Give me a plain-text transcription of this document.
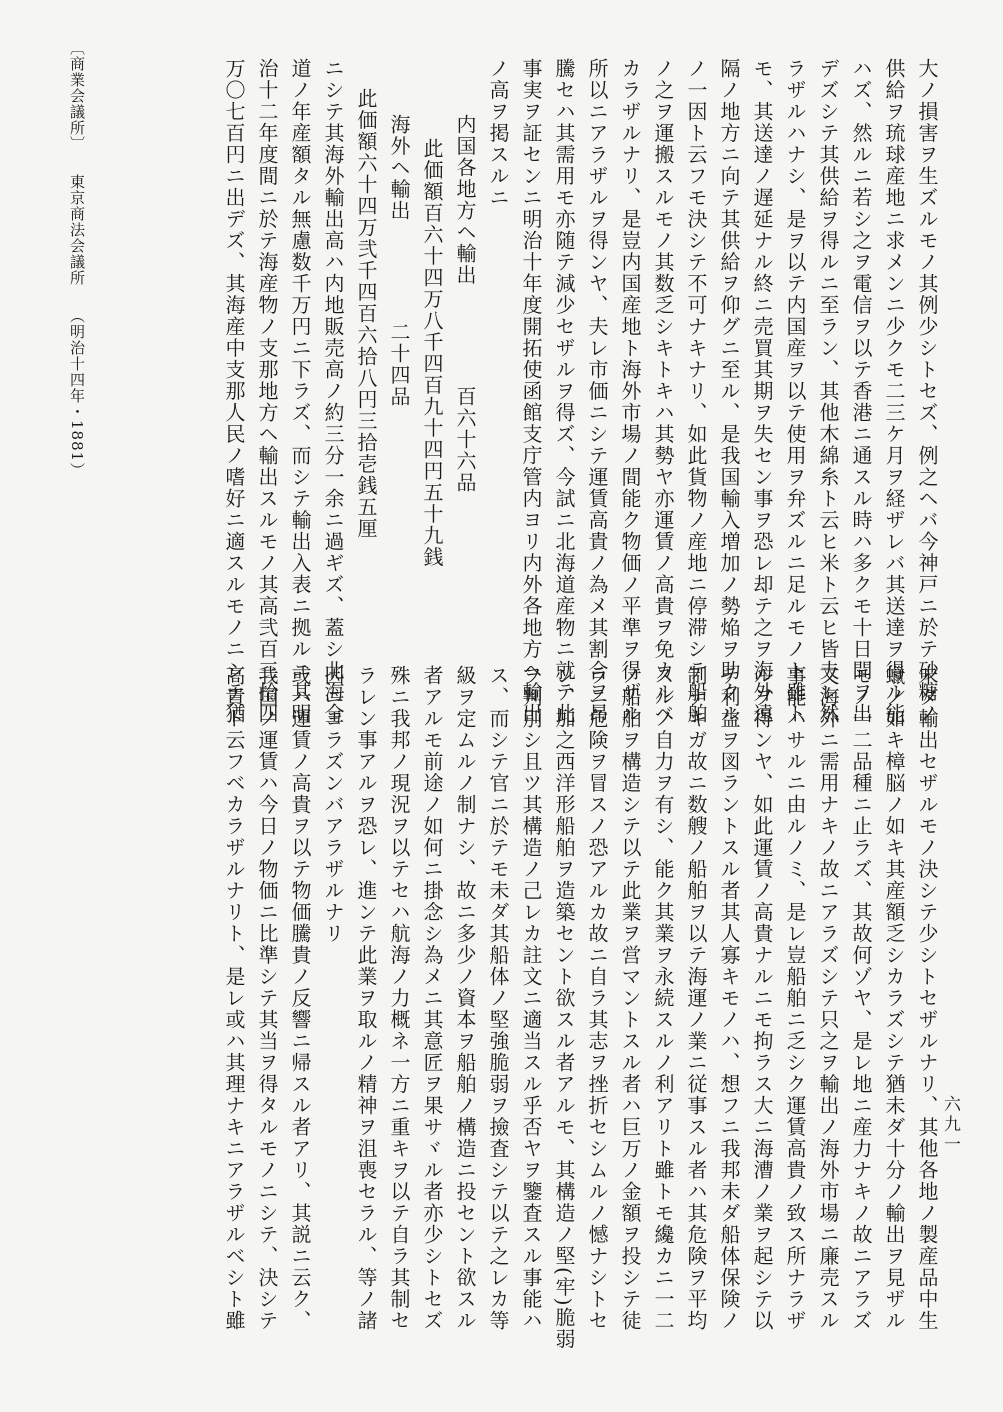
〔商業会議所〕東京商法会議所（明治十四年・1881）
六九一
大ノ損害ヲ生ズルモノ其例少シトセズ、例之ヘバ今神戸ニ於テ砂糖ノ
供給ヲ琉球産地ニ求メンニ少クモ二三ケ月ヲ経ザレバ其送達ヲ得ル能
ハズ、然ルニ若シ之ヲ電信ヲ以テ香港ニ通スル時ハ多クモ十日間ヲ出
デズシテ其供給ヲ得ルニ至ラン、其他木綿糸ト云ヒ米ト云ヒ皆夫レ然
ラザルハナシ、是ヲ以テ内国産ヲ以テ使用ヲ弁ズルニ足ルモノト雖ト
モ、其送達ノ遅延ナル終ニ売買其期ヲ失セン事ヲ恐レ却テ之ヲ海外遠
隔ノ地方ニ向テ其供給ヲ仰グニ至ル、是我国輸入増加ノ勢焔ヲ助クル
ノ一因ト云フモ決シテ不可ナキナリ、如此貨物ノ産地ニ停滞シテ船舶
ノ之ヲ運搬スルモノ其数乏シキトキハ其勢ヤ亦運賃ノ高貴ヲ免カルベ
カラザルナリ、是豈内国産地ト海外市場ノ間能ク物価ノ平準ヲ得ザル
所以ニアラザルヲ得ンヤ、夫レ市価ニシテ運賃高貴ノ為メ其割合ヲ昂
騰セハ其需用モ亦随テ減少セザルヲ得ズ、今試ニ北海道産物ニ就テ此
事実ヲ証センニ明治十年度開拓使函館支庁管内ヨリ内外各地方ヘ輸出
ノ高ヲ掲スルニ
内国各地方ヘ輸出百六十六品
此価額百六十四万八千四百九十四円五十九銭
海外ヘ輸出二十四品
此価額六十四万弐千四百六拾八円三拾壱銭五厘
ニシテ其海外輸出高ハ内地販売高ノ約三分一余ニ過ギズ、蓋シ北海全
道ノ年産額タル無慮数千万円ニ下ラズ、而シテ輸出入表ニ拠ルニ其明
治十二年度間ニ於テ海産物ノ支那地方ヘ輸出スルモノ其高弐百三拾四
万〇七百円ニ出デズ、其海産中支那人民ノ嗜好ニ適スルモノニシテ猶
未タ輸出セザルモノ決シテ少シトセザルナリ、其他各地ノ製産品中生
蠟ノ如キ樟脳ノ如キ其産額乏シカラズシテ猶未ダ十分ノ輸出ヲ見ザル
モノ一二品種ニ止ラズ、其故何ゾヤ、是レ地ニ産力ナキノ故ニアラズ
又海外ニ需用ナキノ故ニアラズシテ只之ヲ輸出ノ海外市場ニ廉売スル
事能ハサルニ由ルノミ、是レ豈船舶ニ乏シク運賃高貴ノ致ス所ナラザ
ルヲ得ンヤ、如此運賃ノ高貴ナルニモ拘ラス大ニ海漕ノ業ヲ起シテ以
テ利益ヲ図ラントスル者其人寡キモノハ、想フニ我邦未ダ船体保険ノ
制ナキガ故ニ数艘ノ船舶ヲ以テ海運ノ業ニ従事スル者ハ其危険ヲ平均
スルノ自力ヲ有シ、能ク其業ヲ永続スルノ利アリト雖トモ纔カニ一二
ノ船舶ヲ構造シテ以テ此業ヲ営マントスル者ハ巨万ノ金額ヲ投シテ徒
ラニ危険ヲ冒スノ恐アルカ故ニ自ラ其志ヲ挫折セシムルノ憾ナシトセ
ン、加之西洋形船舶ヲ造築セント欲スル者アルモ、其構造ノ堅(牢)脆弱
ヲ判別シ且ツ其構造ノ己レカ註文ニ適当スル乎否ヤヲ鑒査スル事能ハ
ス、而シテ官ニ於テモ未ダ其船体ノ堅強脆弱ヲ撿査シテ以テ之レカ等
級ヲ定ムルノ制ナシ、故ニ多少ノ資本ヲ船舶ノ構造ニ投セント欲スル
者アルモ前途ノ如何ニ掛念シ為メニ其意匠ヲ果サヾル者亦少シトセズ
殊ニ我邦ノ現況ヲ以テセハ航海ノ力概ネ一方ニ重キヲ以テ自ラ其制セ
ラレン事アルヲ恐レ、進ンテ此業ヲ取ルノ精神ヲ沮喪セラル、等ノ諸
因ニヨラズンバアラザルナリ
或ハ運賃ノ高貴ヲ以テ物価騰貴ノ反響ニ帰スル者アリ、其説ニ云ク、
我国ノ運賃ハ今日ノ物価ニ比準シテ其当ヲ得タルモノニシテ、決シテ
高貴ト云フベカラザルナリト、是レ或ハ其理ナキニアラザルベシト雖
